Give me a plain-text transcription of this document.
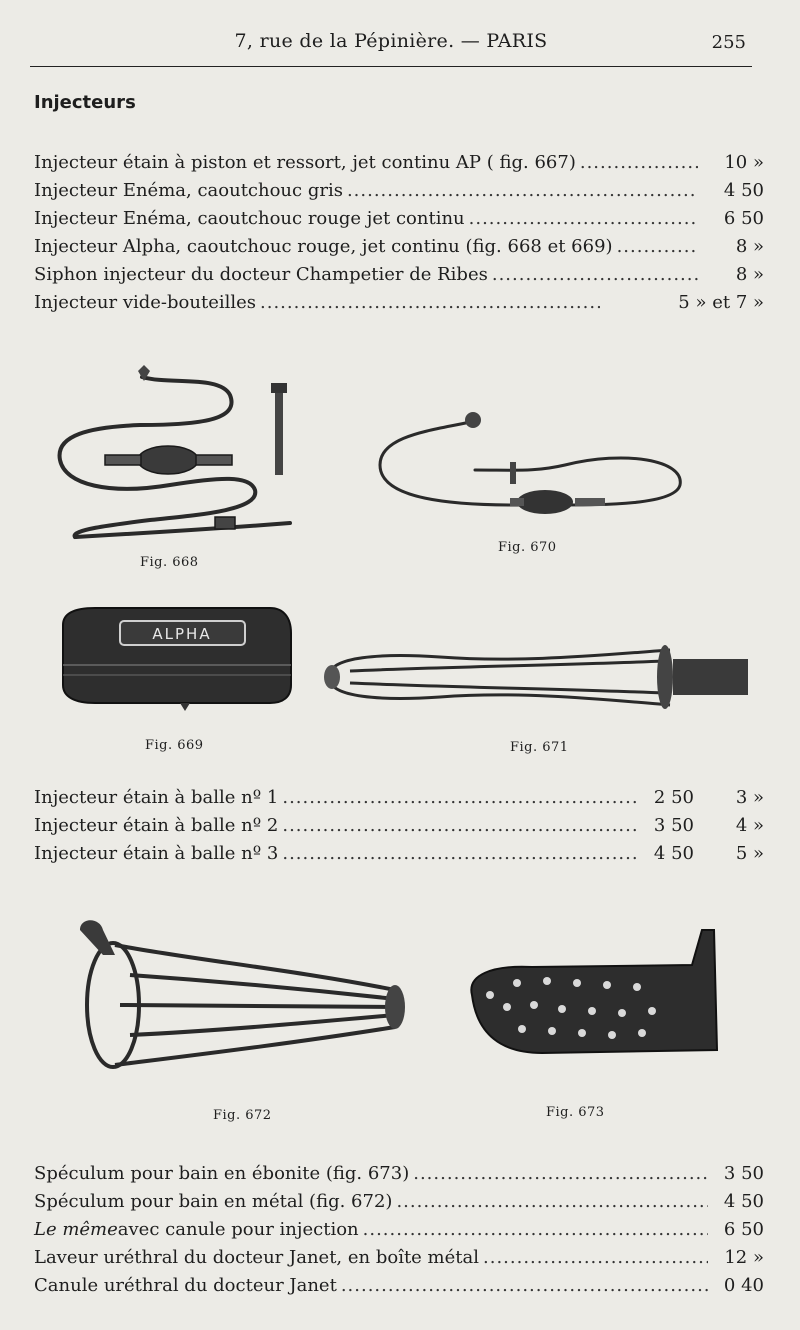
7, rue de la Pépinière. — PARIS	255
Injecteurs
Injecteur étain à piston et ressort, jet continu AP ( fig. 667) .....	10 »
Injecteur Enéma, caoutchouc gris .....	4 50
Injecteur Enéma, caoutchouc rouge jet continu .....	6 50
Injecteur Alpha, caoutchouc rouge, jet continu (fig. 668 et 669) .....	8 »
Siphon injecteur du docteur Champetier de Ribes .....	8 »
Injecteur vide-bouteilles .....	5 » et 7 »
Fig. 668
Fig. 670
ALPHA
Fig. 669	Fig. 671
Injecteur étain à balle nº 1 .....	2 50	3 »
Injecteur étain à balle nº 2 .....	3 50	4 »
Injecteur étain à balle nº 3 .....	4 50	5 »
Fig. 672	Fig. 673
Spéculum pour bain en ébonite (fig. 673) .....	3 50
Spéculum pour bain en métal (fig. 672) .....	4 50
Le même avec canule pour injection .....	6 50
Laveur uréthral du docteur Janet, en boîte métal .....	12 »
Canule uréthral du docteur Janet .....	0 40
